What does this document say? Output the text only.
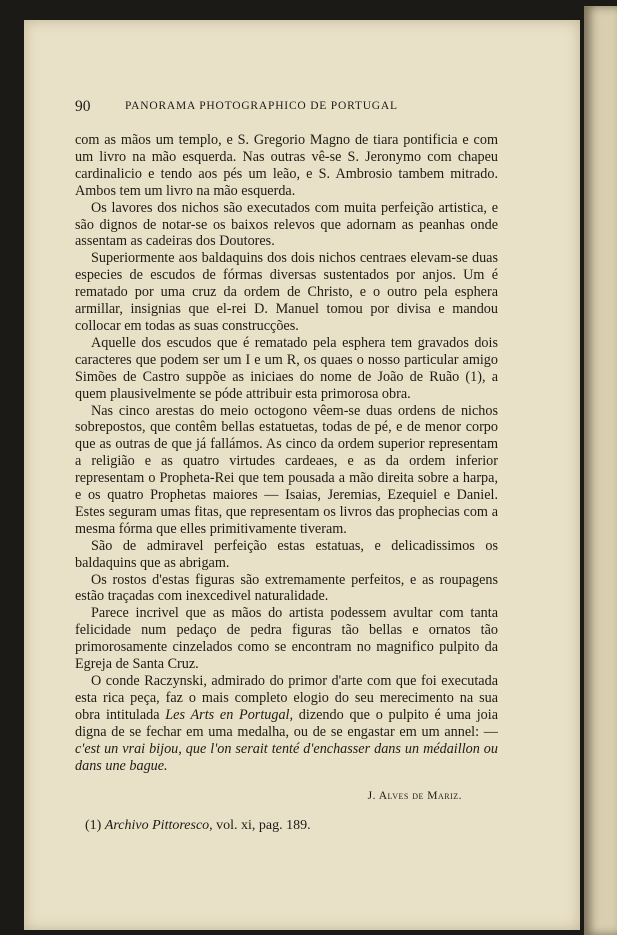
90	PANORAMA PHOTOGRAPHICO DE PORTUGAL

com as mãos um templo, e S. Gregorio Magno de tiara pontificia e com um livro na mão esquerda. Nas outras vê-se S. Jeronymo com chapeu cardinalicio e tendo aos pés um leão, e S. Ambrosio tambem mitrado. Ambos tem um livro na mão esquerda.

Os lavores dos nichos são executados com muita perfeição artistica, e são dignos de notar-se os baixos relevos que adornam as peanhas onde assentam as cadeiras dos Doutores.

Superiormente aos baldaquins dos dois nichos centraes elevam-se duas especies de escudos de fórmas diversas sustentados por anjos. Um é rematado por uma cruz da ordem de Christo, e o outro pela esphera armillar, insignias que el-rei D. Manuel tomou por divisa e mandou collocar em todas as suas construcções.

Aquelle dos escudos que é rematado pela esphera tem gravados dois caracteres que podem ser um I e um R, os quaes o nosso particular amigo Simões de Castro suppõe as iniciaes do nome de João de Ruão (1), a quem plausivelmente se póde attribuir esta primorosa obra.

Nas cinco arestas do meio octogono vêem-se duas ordens de nichos sobrepostos, que contêm bellas estatuetas, todas de pé, e de menor corpo que as outras de que já fallámos. As cinco da ordem superior representam a religião e as quatro virtudes cardeaes, e as da ordem inferior representam o Propheta-Rei que tem pousada a mão direita sobre a harpa, e os quatro Prophetas maiores — Isaias, Jeremias, Ezequiel e Daniel. Estes seguram umas fitas, que representam os livros das prophecias com a mesma fórma que elles primitivamente tiveram.

São de admiravel perfeição estas estatuas, e delicadissimos os baldaquins que as abrigam.

Os rostos d'estas figuras são extremamente perfeitos, e as roupagens estão traçadas com inexcedivel naturalidade.

Parece incrivel que as mãos do artista podessem avultar com tanta felicidade num pedaço de pedra figuras tão bellas e ornatos tão primorosamente cinzelados como se encontram no magnifico pulpito da Egreja de Santa Cruz.

O conde Raczynski, admirado do primor d'arte com que foi executada esta rica peça, faz o mais completo elogio do seu merecimento na sua obra intitulada Les Arts en Portugal, dizendo que o pulpito é uma joia digna de se fechar em uma medalha, ou de se engastar em um annel: — c'est un vrai bijou, que l'on serait tenté d'enchasser dans un médaillon ou dans une bague.

J. Alves de Mariz.
(1) Archivo Pittoresco, vol. xi, pag. 189.
